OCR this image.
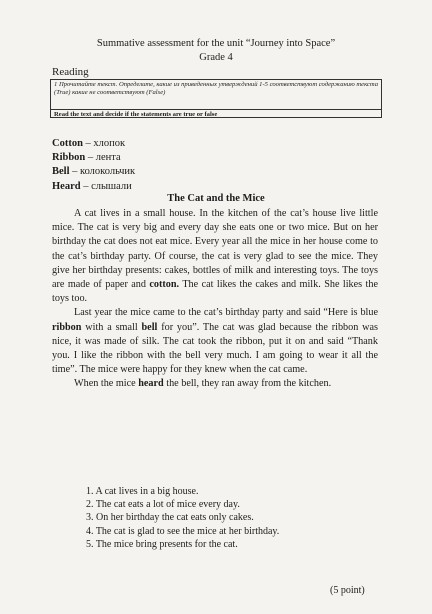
Summative assessment for the unit “Journey into Space”
Grade 4
Reading
1 Прочитайте текст. Определите, какие из приведенных утверждений 1-5 соответствуют содержанию текста (True) какие не соответствуют (False)
Read the text and decide if the statements are true or false
Cotton – хлопок
Ribbon – лента
Bell – колокольчик
Heard – слышали
The Cat and the Mice

A cat lives in a small house. In the kitchen of the cat’s house live little mice. The cat is very big and every day she eats one or two mice. But on her birthday the cat does not eat mice. Every year all the mice in her house come to the cat’s birthday party. Of course, the cat is very glad to see the mice. They give her birthday presents: cakes, bottles of milk and interesting toys. The toys are made of paper and cotton. The cat likes the cakes and milk. She likes the toys too.

Last year the mice came to the cat’s birthday party and said “Here is blue ribbon with a small bell for you”. The cat was glad because the ribbon was nice, it was made of silk. The cat took the ribbon, put it on and said “Thank you. I like the ribbon with the bell very much. I am going to wear it all the time”. The mice were happy for they knew when the cat came.

When the mice heard the bell, they ran away from the kitchen.

1. A cat lives in a big house.
2. The cat eats a lot of mice every day.
3. On her birthday the cat eats only cakes.
4. The cat is glad to see the mice at her birthday.
5. The mice bring presents for the cat.
(5 point)
